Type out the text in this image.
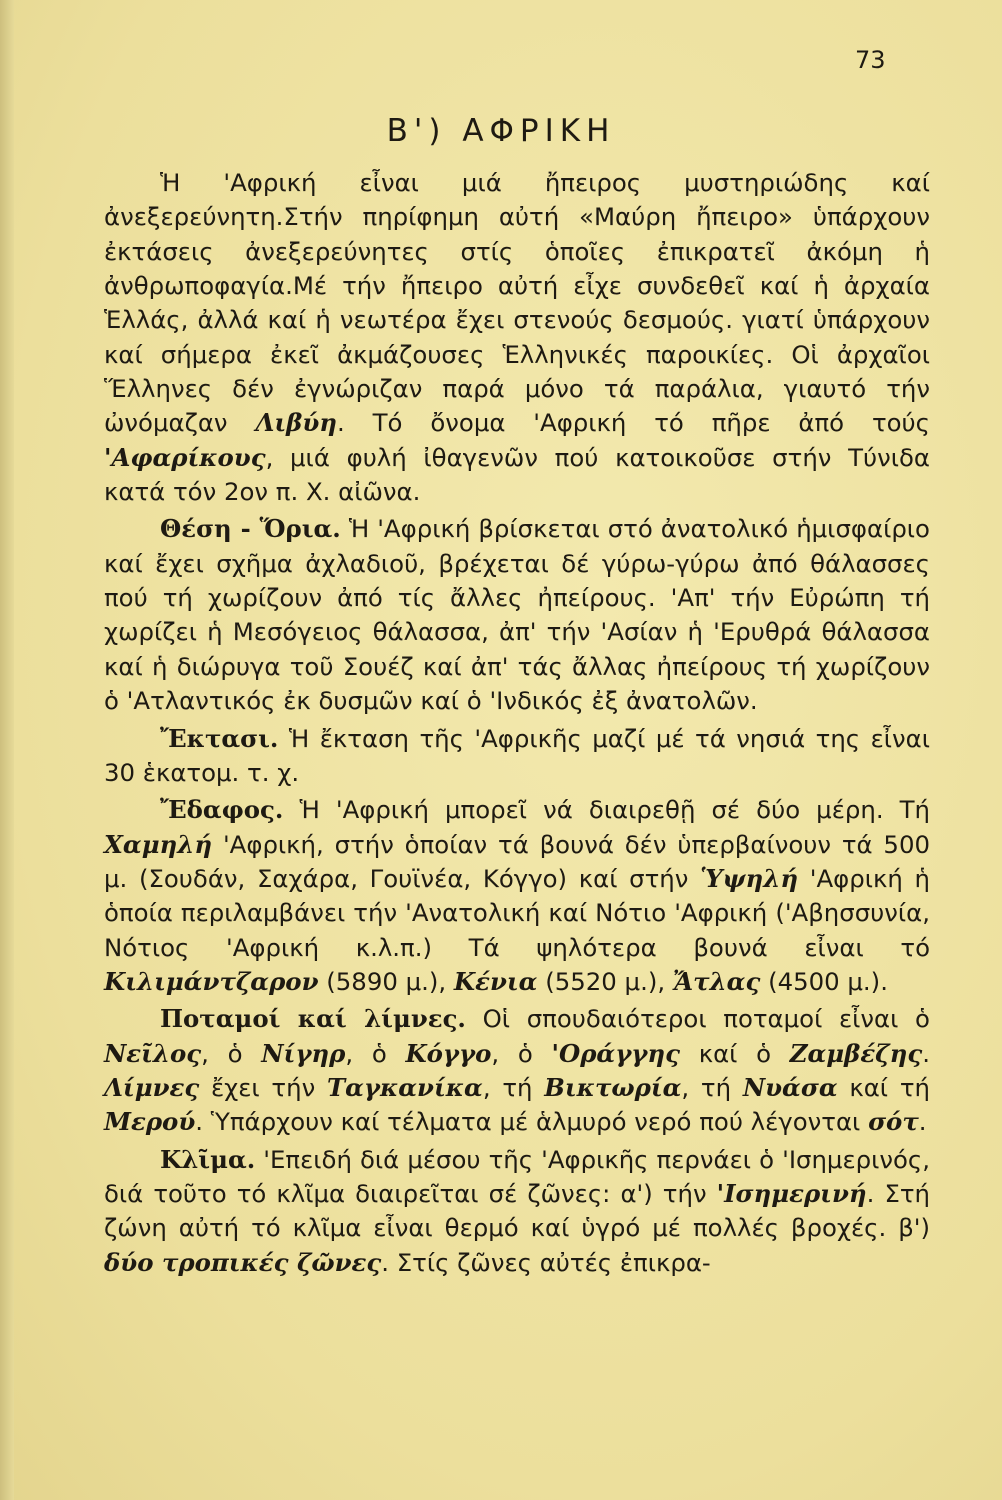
73
Β') ΑΦΡΙΚΗ

Ἡ 'Αφρική εἶναι μιά ἤπειρος μυστηριώδης καί ἀνεξερεύνητη.Στήν πηρίφημη αὐτή «Μαύρη ἤπειρο» ὑπάρχουν ἐκτάσεις ἀνεξερεύνητες στίς ὁποῖες ἐπικρατεῖ ἀκόμη ἡ ἀνθρωποφαγία.Μέ τήν ἤπειρο αὐτή εἶχε συνδεθεῖ καί ἡ ἀρχαία Ἑλλάς, ἀλλά καί ἡ νεωτέρα ἔχει στενούς δεσμούς. γιατί ὑπάρχουν καί σήμερα ἐκεῖ ἀκμάζουσες Ἑλληνικές παροικίες. Οἱ ἀρχαῖοι Ἕλληνες δέν ἐγνώριζαν παρά μόνο τά παράλια, γιαυτό τήν ὠνόμαζαν Λιβύη. Τό ὄνομα 'Αφρική τό πῆρε ἀπό τούς 'Αφαρίκους, μιά φυλή ἰθαγενῶν πού κατοικοῦσε στήν Τύνιδα κατά τόν 2ον π. Χ. αἰῶνα.

Θέση - Ὅρια. Ἡ 'Αφρική βρίσκεται στό ἀνατολικό ἡμισφαίριο καί ἔχει σχῆμα ἀχλαδιοῦ, βρέχεται δέ γύρω-γύρω ἀπό θάλασσες πού τή χωρίζουν ἀπό τίς ἄλλες ἠπείρους. 'Απ' τήν Εὐρώπη τή χωρίζει ἡ Μεσόγειος θάλασσα, ἀπ' τήν 'Ασίαν ἡ 'Ερυθρά θάλασσα καί ἡ διώρυγα τοῦ Σουέζ καί ἀπ' τάς ἄλλας ἠπείρους τή χωρίζουν ὁ 'Ατλαντικός ἐκ δυσμῶν καί ὁ 'Ινδικός ἐξ ἀνατολῶν.

Ἔκτασι. Ἡ ἔκταση τῆς 'Αφρικῆς μαζί μέ τά νησιά της εἶναι 30 ἑκατομ. τ. χ.

Ἔδαφος. Ἡ 'Αφρική μπορεῖ νά διαιρεθῇ σέ δύο μέρη. Τή Χαμηλή 'Αφρική, στήν ὁποίαν τά βουνά δέν ὑπερβαίνουν τά 500 μ. (Σουδάν, Σαχάρα, Γουϊνέα, Κόγγο) καί στήν Ὑψηλή 'Αφρική ἡ ὁποία περιλαμβάνει τήν 'Ανατολική καί Νότιο 'Αφρική ('Αβησσυνία, Νότιος 'Αφρική κ.λ.π.) Τά ψηλότερα βουνά εἶναι τό Κιλιμάντζαρον (5890 μ.), Κένια (5520 μ.), Ἄτλας (4500 μ.).

Ποταμοί καί λίμνες. Οἱ σπουδαιότεροι ποταμοί εἶναι ὁ Νεῖλος, ὁ Νίγηρ, ὁ Κόγγο, ὁ 'Οράγγης καί ὁ Ζαμβέζης. Λίμνες ἔχει τήν Ταγκανίκα, τή Βικτωρία, τή Νυάσα καί τή Μερού. Ὑπάρχουν καί τέλματα μέ ἁλμυρό νερό πού λέγονται σότ.

Κλῖμα. 'Επειδή διά μέσου τῆς 'Αφρικῆς περνάει ὁ 'Ισημερινός, διά τοῦτο τό κλῖμα διαιρεῖται σέ ζῶνες: α') τήν 'Ισημερινή. Στή ζώνη αὐτή τό κλῖμα εἶναι θερμό καί ὑγρό μέ πολλές βροχές. β') δύο τροπικές ζῶνες. Στίς ζῶνες αὐτές ἐπικρα-
